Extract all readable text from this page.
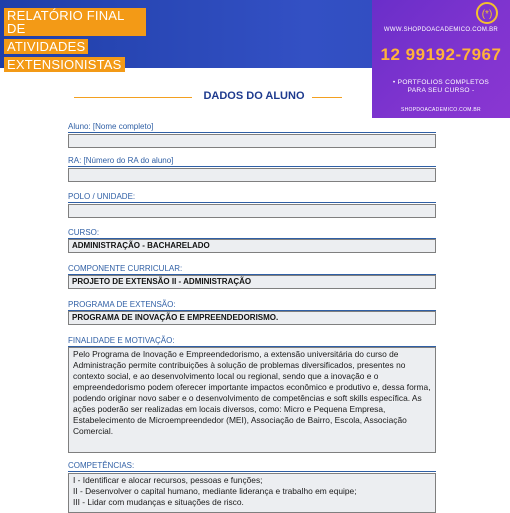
RELATÓRIO FINAL DE
ATIVIDADES
EXTENSIONISTAS
(*)
WWW.SHOPDOACADEMICO.COM.BR
12 99192-7967
• PORTFOLIOS COMPLETOS
PARA SEU CURSO -
SHOPDOACADEMICO.COM.BR
DADOS DO ALUNO
Aluno: [Nome completo]
RA: [Número do RA do aluno]
POLO / UNIDADE:
CURSO:
ADMINISTRAÇÃO - BACHARELADO
COMPONENTE CURRICULAR:
PROJETO DE EXTENSÃO II - ADMINISTRAÇÃO
PROGRAMA DE EXTENSÃO:
PROGRAMA DE INOVAÇÃO E EMPREENDEDORISMO.
FINALIDADE E MOTIVAÇÃO:
Pelo Programa de Inovação e Empreendedorismo, a extensão universitária do curso de Administração permite contribuições à solução de problemas diversificados, presentes no contexto social, e ao desenvolvimento local ou regional, sendo que a inovação e o empreendedorismo podem oferecer importante impactos econômico e produtivo e, dessa forma, podendo originar novo saber e o desenvolvimento de competências e soft skills específica. As ações poderão ser realizadas em locais diversos, como: Micro e Pequena Empresa, Estabelecimento de Microempreendedor (MEI), Associação de Bairro, Escola, Associação Comercial.
COMPETÊNCIAS:
I - Identificar e alocar recursos, pessoas e funções;
II - Desenvolver o capital humano, mediante liderança e trabalho em equipe;
III - Lidar com mudanças e situações de risco.
